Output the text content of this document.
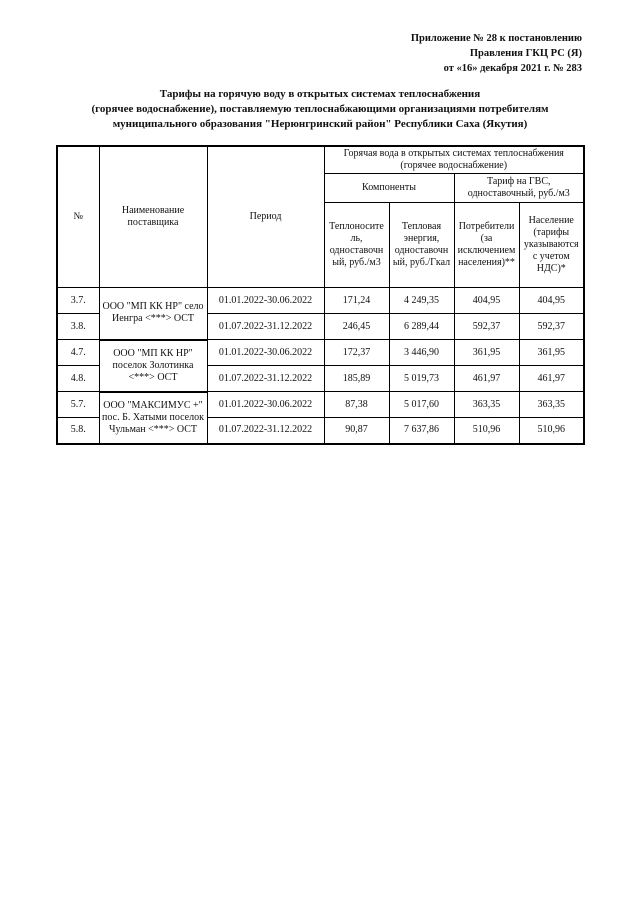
Приложение № 28 к постановлению
Правления ГКЦ РС (Я)
от «16» декабря 2021 г. № 283
Тарифы на горячую воду в открытых системах теплоснабжения
(горячее водоснабжение), поставляемую теплоснабжающими организациями потребителям
муниципального образования "Нерюнгринский район" Республики Саха (Якутия)
№	Наименование поставщика	Период	Горячая вода в открытых системах теплоснабжения (горячее водоснабжение)			
			Компоненты		Тариф на ГВС, одноставочный, руб./м3	
			Теплоносите ль, одноставочн ый, руб./м3	Тепловая энергия, одноставочн ый, руб./Гкал	Потребители (за исключением населения)**	Население (тарифы указываются с учетом НДС)*
3.7.	ООО "МП КК НР" село Иенгра <***> ОСТ	01.01.2022-30.06.2022	171,24	4 249,35	404,95	404,95
3.8.		01.07.2022-31.12.2022	246,45	6 289,44	592,37	592,37
4.7.	ООО "МП КК НР" поселок Золотинка <***> ОСТ	01.01.2022-30.06.2022	172,37	3 446,90	361,95	361,95
4.8.		01.07.2022-31.12.2022	185,89	5 019,73	461,97	461,97
5.7.	ООО "МАКСИМУС +" пос. Б. Хатыми поселок Чульман <***> ОСТ	01.01.2022-30.06.2022	87,38	5 017,60	363,35	363,35
5.8.		01.07.2022-31.12.2022	90,87	7 637,86	510,96	510,96
